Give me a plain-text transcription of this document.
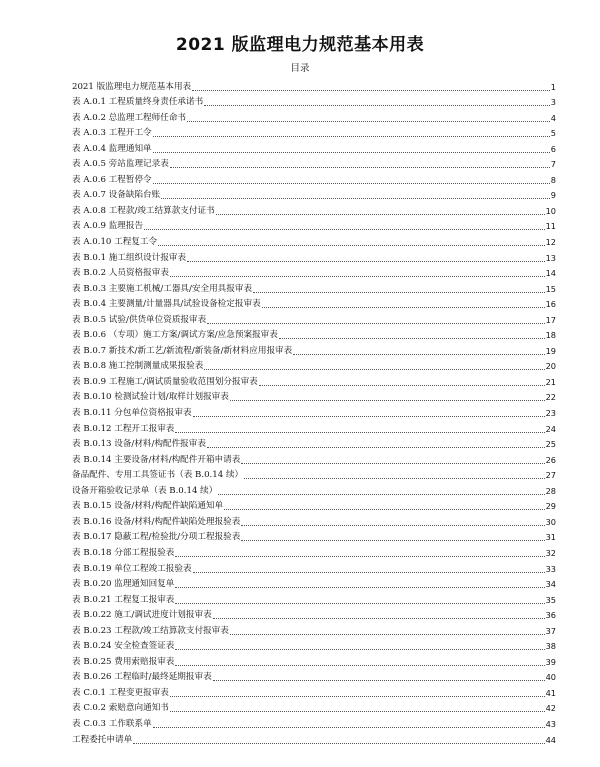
2021 版监理电力规范基本用表
目录
2021 版监理电力规范基本用表	1
表 A.0.1 工程质量终身责任承诺书	3
表 A.0.2 总监理工程师任命书	4
表 A.0.3 工程开工令	5
表 A.0.4 监理通知单	6
表 A.0.5 旁站监理记录表	7
表 A.0.6 工程暂停令	8
表 A.0.7 设备缺陷台账	9
表 A.0.8 工程款/竣工结算款支付证书	10
表 A.0.9 监理报告	11
表 A.0.10 工程复工令	12
表 B.0.1 施工组织设计报审表	13
表 B.0.2 人员资格报审表	14
表 B.0.3 主要施工机械/工器具/安全用具报审表	15
表 B.0.4 主要测量/计量器具/试验设备检定报审表	16
表 B.0.5 试验/供货单位资质报审表	17
表 B.0.6 （专项）施工方案/调试方案/应急预案报审表	18
表 B.0.7 新技术/新工艺/新流程/新装备/新材料应用报审表	19
表 B.0.8 施工控制测量成果报验表	20
表 B.0.9 工程施工/调试质量验收范围划分报审表	21
表 B.0.10 检测试验计划/取样计划报审表	22
表 B.0.11 分包单位资格报审表	23
表 B.0.12 工程开工报审表	24
表 B.0.13 设备/材料/构配件报审表	25
表 B.0.14 主要设备/材料/构配件开箱申请表	26
备品配件、专用工具签证书（表 B.0.14 续）	27
设备开箱验收记录单（表 B.0.14 续）	28
表 B.0.15 设备/材料/构配件缺陷通知单	29
表 B.0.16 设备/材料/构配件缺陷处理报验表	30
表 B.0.17 隐蔽工程/检验批/分项工程报验表	31
表 B.0.18 分部工程报验表	32
表 B.0.19 单位工程竣工报验表	33
表 B.0.20 监理通知回复单	34
表 B.0.21 工程复工报审表	35
表 B.0.22 施工/调试进度计划报审表	36
表 B.0.23 工程款/竣工结算款支付报审表	37
表 B.0.24 安全检查签证表	38
表 B.0.25 费用索赔报审表	39
表 B.0.26 工程临时/最终延期报审表	40
表 C.0.1 工程变更报审表	41
表 C.0.2 索赔意向通知书	42
表 C.0.3 工作联系单	43
工程委托申请单	44
